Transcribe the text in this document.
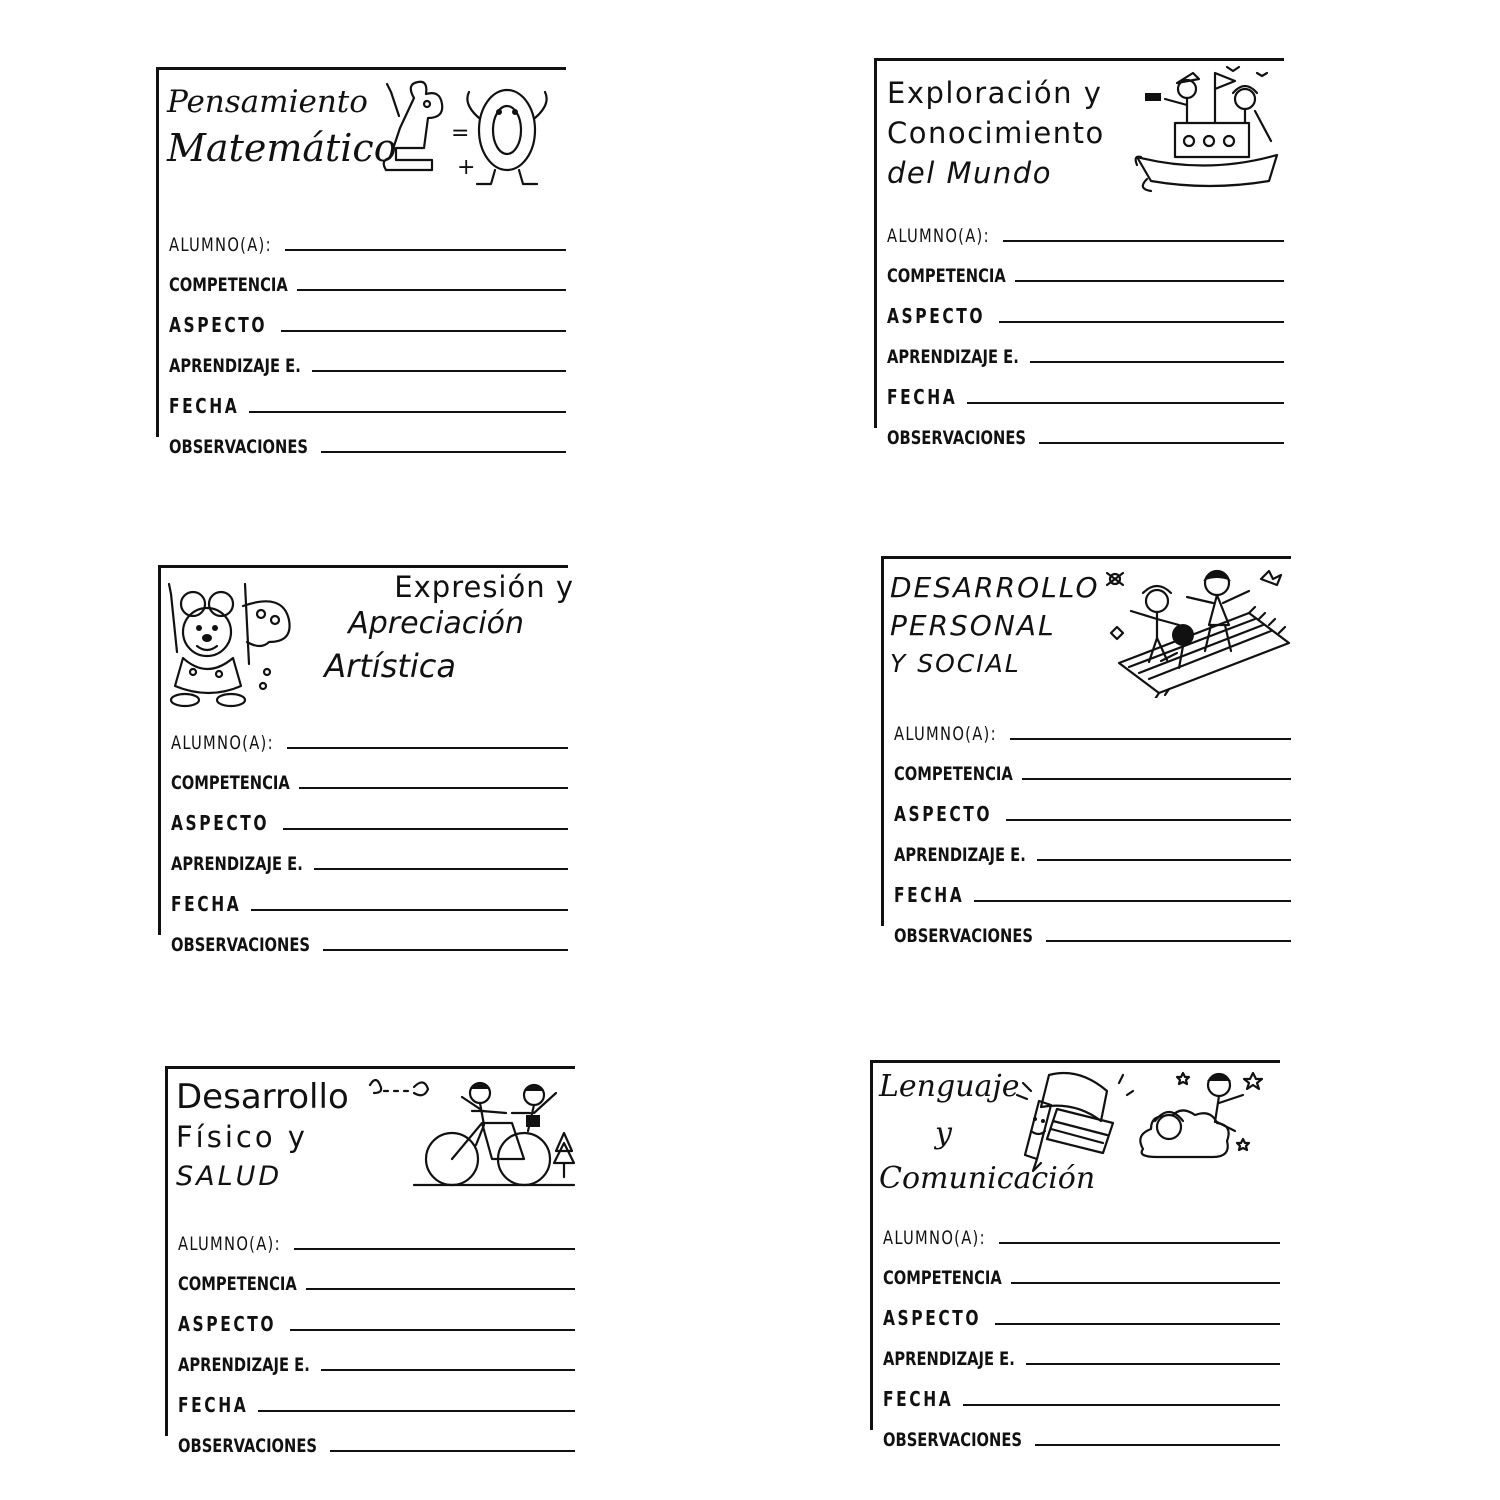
Pensamiento
Matemático =
+
ALUMNO(A):
COMPETENCIA
ASPECTO
APRENDIZAJE E.
FECHA
OBSERVACIONES
Exploración y
Conocimiento
del Mundo
ALUMNO(A):
COMPETENCIA
ASPECTO
APRENDIZAJE E.
FECHA
OBSERVACIONES
Expresión y
Apreciación
Artística
ALUMNO(A):
COMPETENCIA
ASPECTO
APRENDIZAJE E.
FECHA
OBSERVACIONES
DESARROLLO
PERSONAL
Y SOCIAL
ALUMNO(A):
COMPETENCIA
ASPECTO
APRENDIZAJE E.
FECHA
OBSERVACIONES
Desarrollo
Físico y
SALUD
ALUMNO(A):
COMPETENCIA
ASPECTO
APRENDIZAJE E.
FECHA
OBSERVACIONES
Lenguaje
y
Comunicación
ALUMNO(A):
COMPETENCIA
ASPECTO
APRENDIZAJE E.
FECHA
OBSERVACIONES
